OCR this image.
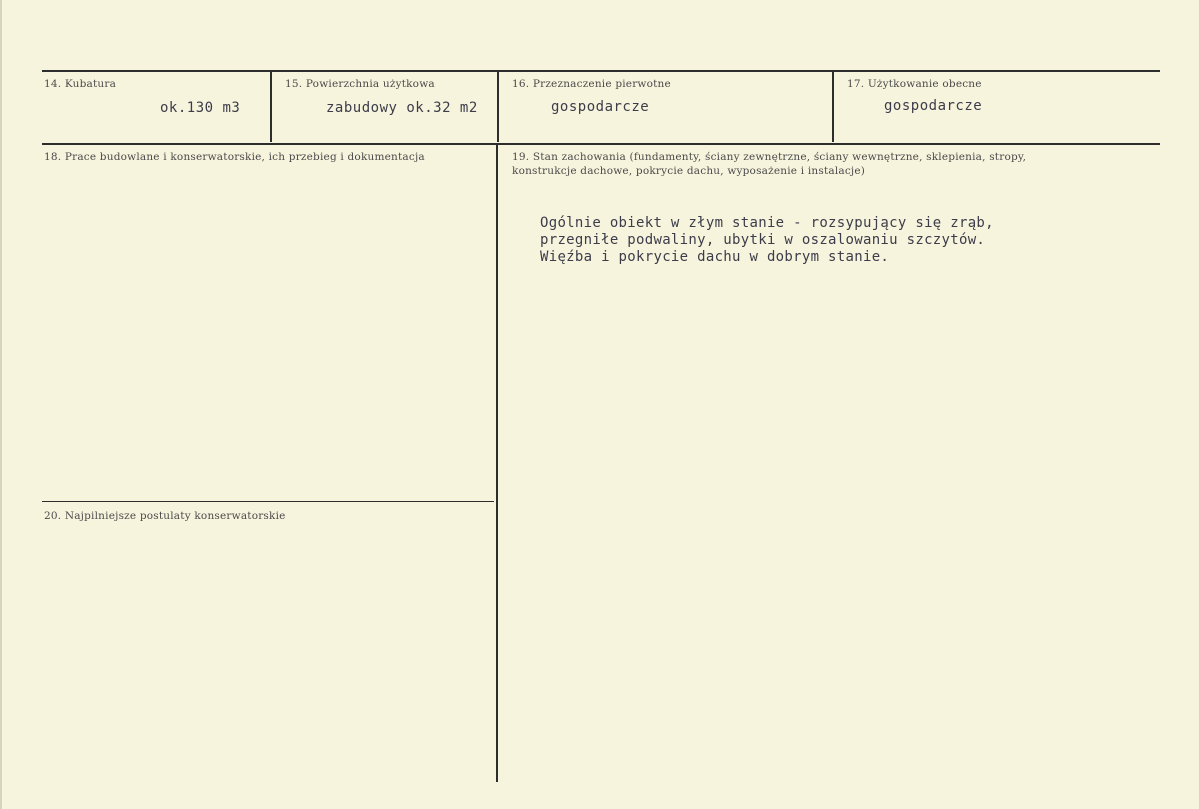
14. Kubatura
ok.130 m3
15. Powierzchnia użytkowa
zabudowy ok.32 m2
16. Przeznaczenie pierwotne
gospodarcze
17. Użytkowanie obecne
gospodarcze
18. Prace budowlane i konserwatorskie, ich przebieg i dokumentacja	19. Stan zachowania (fundamenty, ściany zewnętrzne, ściany wewnętrzne, sklepienia, stropy, konstrukcje dachowe, pokrycie dachu, wyposażenie i instalacje)
Ogólnie obiekt w złym stanie - rozsypujący się zrąb,
przegniłe podwaliny, ubytki w oszalowaniu szczytów.
Więźba i pokrycie dachu w dobrym stanie.
20. Najpilniejsze postulaty konserwatorskie
